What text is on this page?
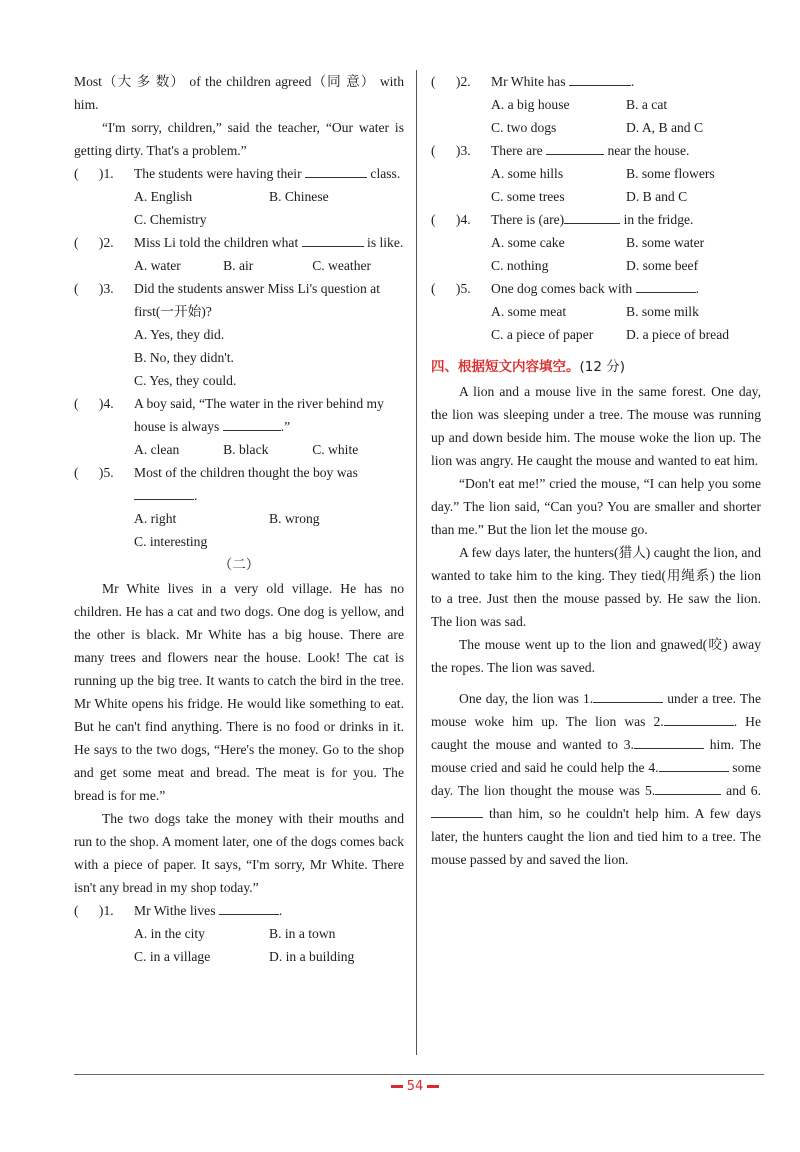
Most（大 多 数） of the children agreed（同 意） with him.
“I'm sorry, children,” said the teacher, “Our water is getting dirty. That's a problem.”
(      )1.	The students were having their	class.
A. English	B. Chinese
C. Chemistry
(      )2.	Miss Li told the children what	is like.
A. water	B. air	C. weather
(      )3.	Did the students answer Miss Li's question at first(一开始)?
A. Yes, they did.
B. No, they didn't.
C. Yes, they could.
(      )4.	A boy said, “The water in the river behind my house is always	.”
A. clean	B. black	C. white
(      )5.	Most of the children thought the boy was .
A. right	B. wrong
C. interesting
（二）
Mr White lives in a very old village. He has no children. He has a cat and two dogs. One dog is yellow, and the other is black. Mr White has a big house. There are many trees and flowers near the house. Look! The cat is running up the big tree. It wants to catch the bird in the tree. Mr White opens his fridge. He would like something to eat. But he can't find anything. There is no food or drinks in it. He says to the two dogs, “Here's the money. Go to the shop and get some meat and bread. The meat is for you. The bread is for me.”
The two dogs take the money with their mouths and run to the shop. A moment later, one of the dogs comes back with a piece of paper. It says, “I'm sorry, Mr White. There isn't any bread in my shop today.”
(      )1.	Mr Withe lives	.
A. in the city	B. in a town
C. in a village	D. in a building
(      )2.	Mr White has	.
A. a big house	B. a cat
C. two dogs	D. A, B and C
(      )3.	There are	near the house.
A. some hills	B. some flowers
C. some trees	D. B and C
(      )4.	There is (are)	in the fridge.
A. some cake	B. some water
C. nothing	D. some beef
(      )5.	One dog comes back with	.
A. some meat	B. some milk
C. a piece of paper	D. a piece of bread
四、根据短文内容填空。(12 分)
A lion and a mouse live in the same forest. One day, the lion was sleeping under a tree. The mouse was running up and down beside him. The mouse woke the lion up. The lion was angry. He caught the mouse and wanted to eat him.
“Don't eat me!” cried the mouse, “I can help you some day.” The lion said, “Can you? You are smaller and shorter than me.” But the lion let the mouse go.
A few days later, the hunters(猎人) caught the lion, and wanted to take him to the king. They tied(用绳系) the lion to a tree. Just then the mouse passed by. He saw the lion. The lion was sad.
The mouse went up to the lion and gnawed(咬) away the ropes. The lion was saved.
One day, the lion was 1.	under a tree. The mouse woke him up. The lion was 2.	. He caught the mouse and wanted to 3.	him. The mouse cried and said he could help the 4.	some day. The lion thought the mouse was 5.	and 6. than him, so he couldn't help him. A few days later, the hunters caught the lion and tied him to a tree. The mouse passed by and saved the lion.
54
